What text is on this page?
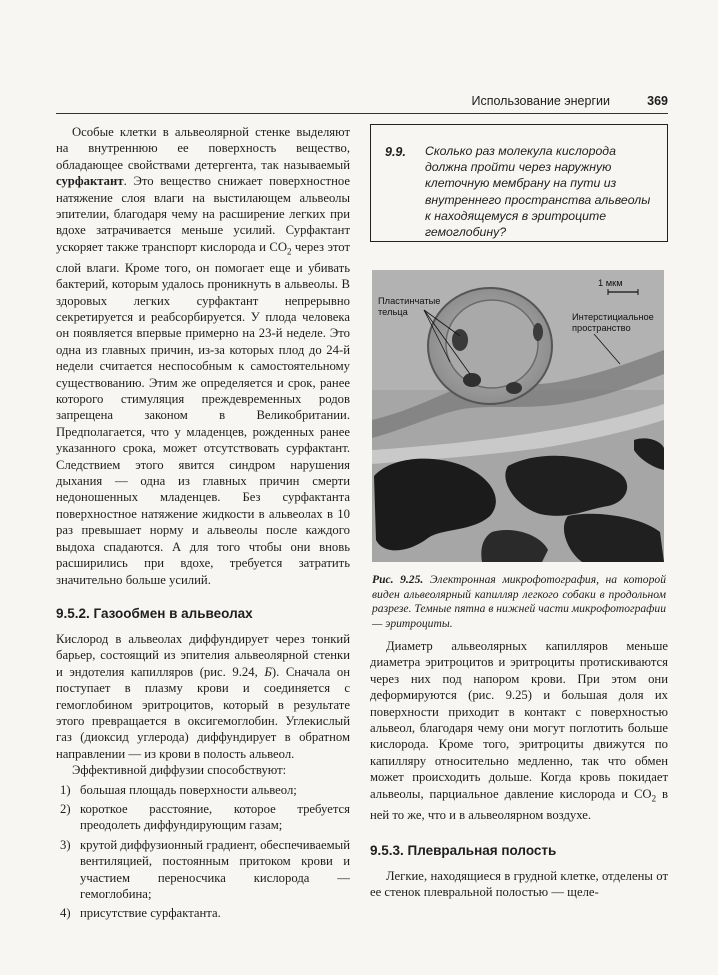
Использование энергии	369

Особые клетки в альвеолярной стенке выделяют на внутреннюю ее поверхность вещество, обладающее свойствами детергента, так называемый сурфактант. Это вещество снижает поверхностное натяжение слоя влаги на выстилающем альвеолы эпителии, благодаря чему на расширение легких при вдохе затрачивается меньше усилий. Сурфактант ускоряет также транспорт кислорода и $CO_2$ через этот слой влаги. Кроме того, он помогает еще и убивать бактерий, которым удалось проникнуть в альвеолы. В здоровых легких сурфактант непрерывно секретируется и реабсорбируется. У плода человека он появляется впервые примерно на 23-й неделе. Это одна из главных причин, из-за которых плод до 24-й недели считается неспособным к самостоятельному существованию. Этим же определяется и срок, ранее которого стимуляция преждевременных родов запрещена законом в Великобритании. Предполагается, что у младенцев, рожденных ранее указанного срока, может отсутствовать сурфактант. Следствием этого явится синдром нарушения дыхания — одна из главных причин смерти недоношенных младенцев. Без сурфактанта поверхностное натяжение жидкости в альвеолах в 10 раз превышает норму и альвеолы после каждого выдоха спадаются. А для того чтобы они вновь расширились при вдохе, требуется затратить значительно больше усилий.

9.5.2. Газообмен в альвеолах

Кислород в альвеолах диффундирует через тонкий барьер, состоящий из эпителия альвеолярной стенки и эндотелия капилляров (рис. 9.24, Б). Сначала он поступает в плазму крови и соединяется с гемоглобином эритроцитов, который в результате этого превращается в оксигемоглобин. Углекислый газ (диоксид углерода) диффундирует в обратном направлении — из крови в полость альвеол.

Эффективной диффузии способствуют:

1) большая площадь поверхности альвеол;
2) короткое расстояние, которое требуется преодолеть диффундирующим газам;
3) крутой диффузионный градиент, обеспечиваемый вентиляцией, постоянным притоком крови и участием переносчика кислорода — гемоглобина;
4) присутствие сурфактанта.
9.9. Сколько раз молекула кислорода должна пройти через наружную клеточную мембрану на пути из внутреннего пространства альвеолы к находящемуся в эритроците гемоглобину?
1 мкм
Пластинчатые тельца	Интерстициальное пространство
Рис. 9.25. Электронная микрофотография, на которой виден альвеолярный капилляр легкого собаки в продольном разрезе. Темные пятна в нижней части микрофотографии — эритроциты.

Диаметр альвеолярных капилляров меньше диаметра эритроцитов и эритроциты протискиваются через них под напором крови. При этом они деформируются (рис. 9.25) и большая доля их поверхности приходит в контакт с поверхностью альвеол, благодаря чему они могут поглотить больше кислорода. Кроме того, эритроциты движутся по капилляру относительно медленно, так что обмен может происходить дольше. Когда кровь покидает альвеолы, парциальное давление кислорода и $CO_2$ в ней то же, что и в альвеолярном воздухе.

9.5.3. Плевральная полость

Легкие, находящиеся в грудной клетке, отделены от ее стенок плевральной полостью — щеле-
